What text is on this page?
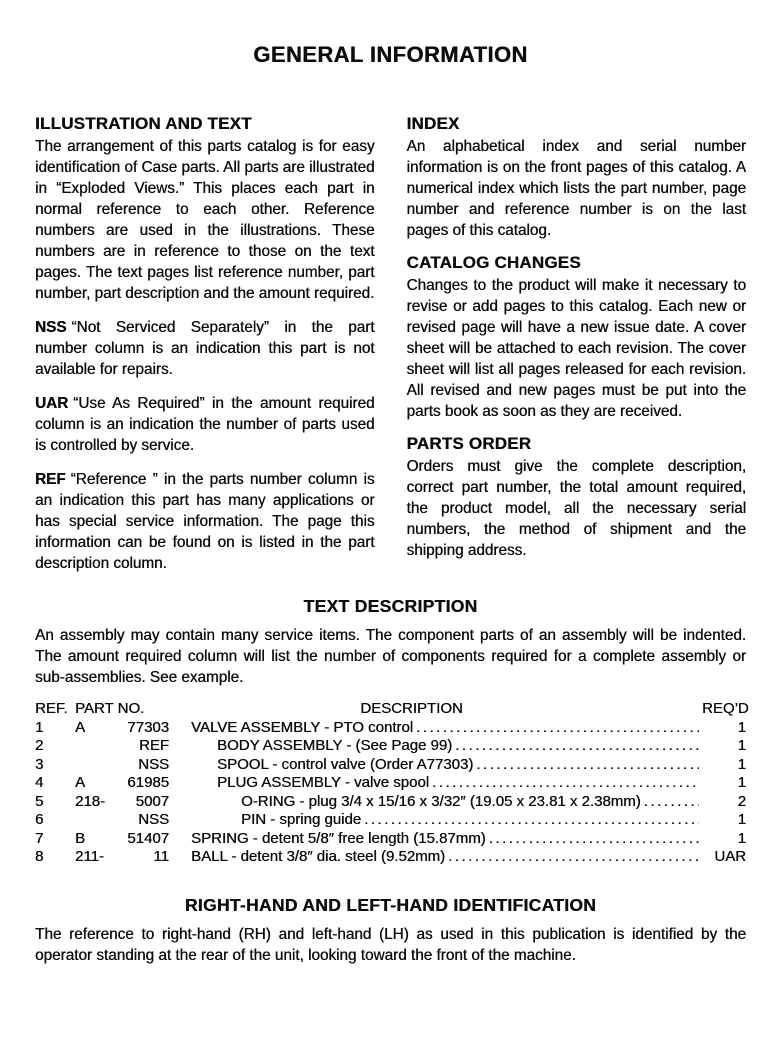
GENERAL INFORMATION
ILLUSTRATION AND TEXT

The arrangement of this parts catalog is for easy identification of Case parts. All parts are illustrated in “Exploded Views.” This places each part in normal reference to each other. Reference numbers are used in the illustrations. These numbers are in reference to those on the text pages. The text pages list reference number, part number, part description and the amount required.

NSS “Not Serviced Separately” in the part number column is an indication this part is not available for repairs.

UAR “Use As Required” in the amount required column is an indication the number of parts used is controlled by service.

REF “Reference ” in the parts number column is an indication this part has many applications or has special service information. The page this information can be found on is listed in the part description column.

INDEX

An alphabetical index and serial number information is on the front pages of this catalog. A numerical index which lists the part number, page number and reference number is on the last pages of this catalog.

CATALOG CHANGES

Changes to the product will make it necessary to revise or add pages to this catalog. Each new or revised page will have a new issue date. A cover sheet will be attached to each revision. The cover sheet will list all pages released for each revision. All revised and new pages must be put into the parts book as soon as they are received.

PARTS ORDER

Orders must give the complete description, correct part number, the total amount required, the product model, all the necessary serial numbers, the method of shipment and the shipping address.

TEXT DESCRIPTION

An assembly may contain many service items. The component parts of an assembly will be indented. The amount required column will list the number of components required for a complete assembly or sub-assemblies. See example.

REF. PART NO.	DESCRIPTION	REQ’D
1	A	77303 VALVE ASSEMBLY - PTO control .....	1
2	REF	BODY ASSEMBLY - (See Page 99) .....	1
3	NSS	SPOOL - control valve (Order A77303) .....	1
4	A	61985	PLUG ASSEMBLY - valve spool .....	1
5	218-	5007	O-RING - plug 3/4 x 15/16 x 3/32″ (19.05 x 23.81 x 2.38mm) .....	2
6	NSS	PIN - spring guide .....	1
7	B	51407 SPRING - detent 5/8″ free length (15.87mm) .....	1
8	211-	11 BALL - detent 3/8″ dia. steel (9.52mm) .....	UAR
RIGHT-HAND AND LEFT-HAND IDENTIFICATION

The reference to right-hand (RH) and left-hand (LH) as used in this publication is identified by the operator standing at the rear of the unit, looking toward the front of the machine.
